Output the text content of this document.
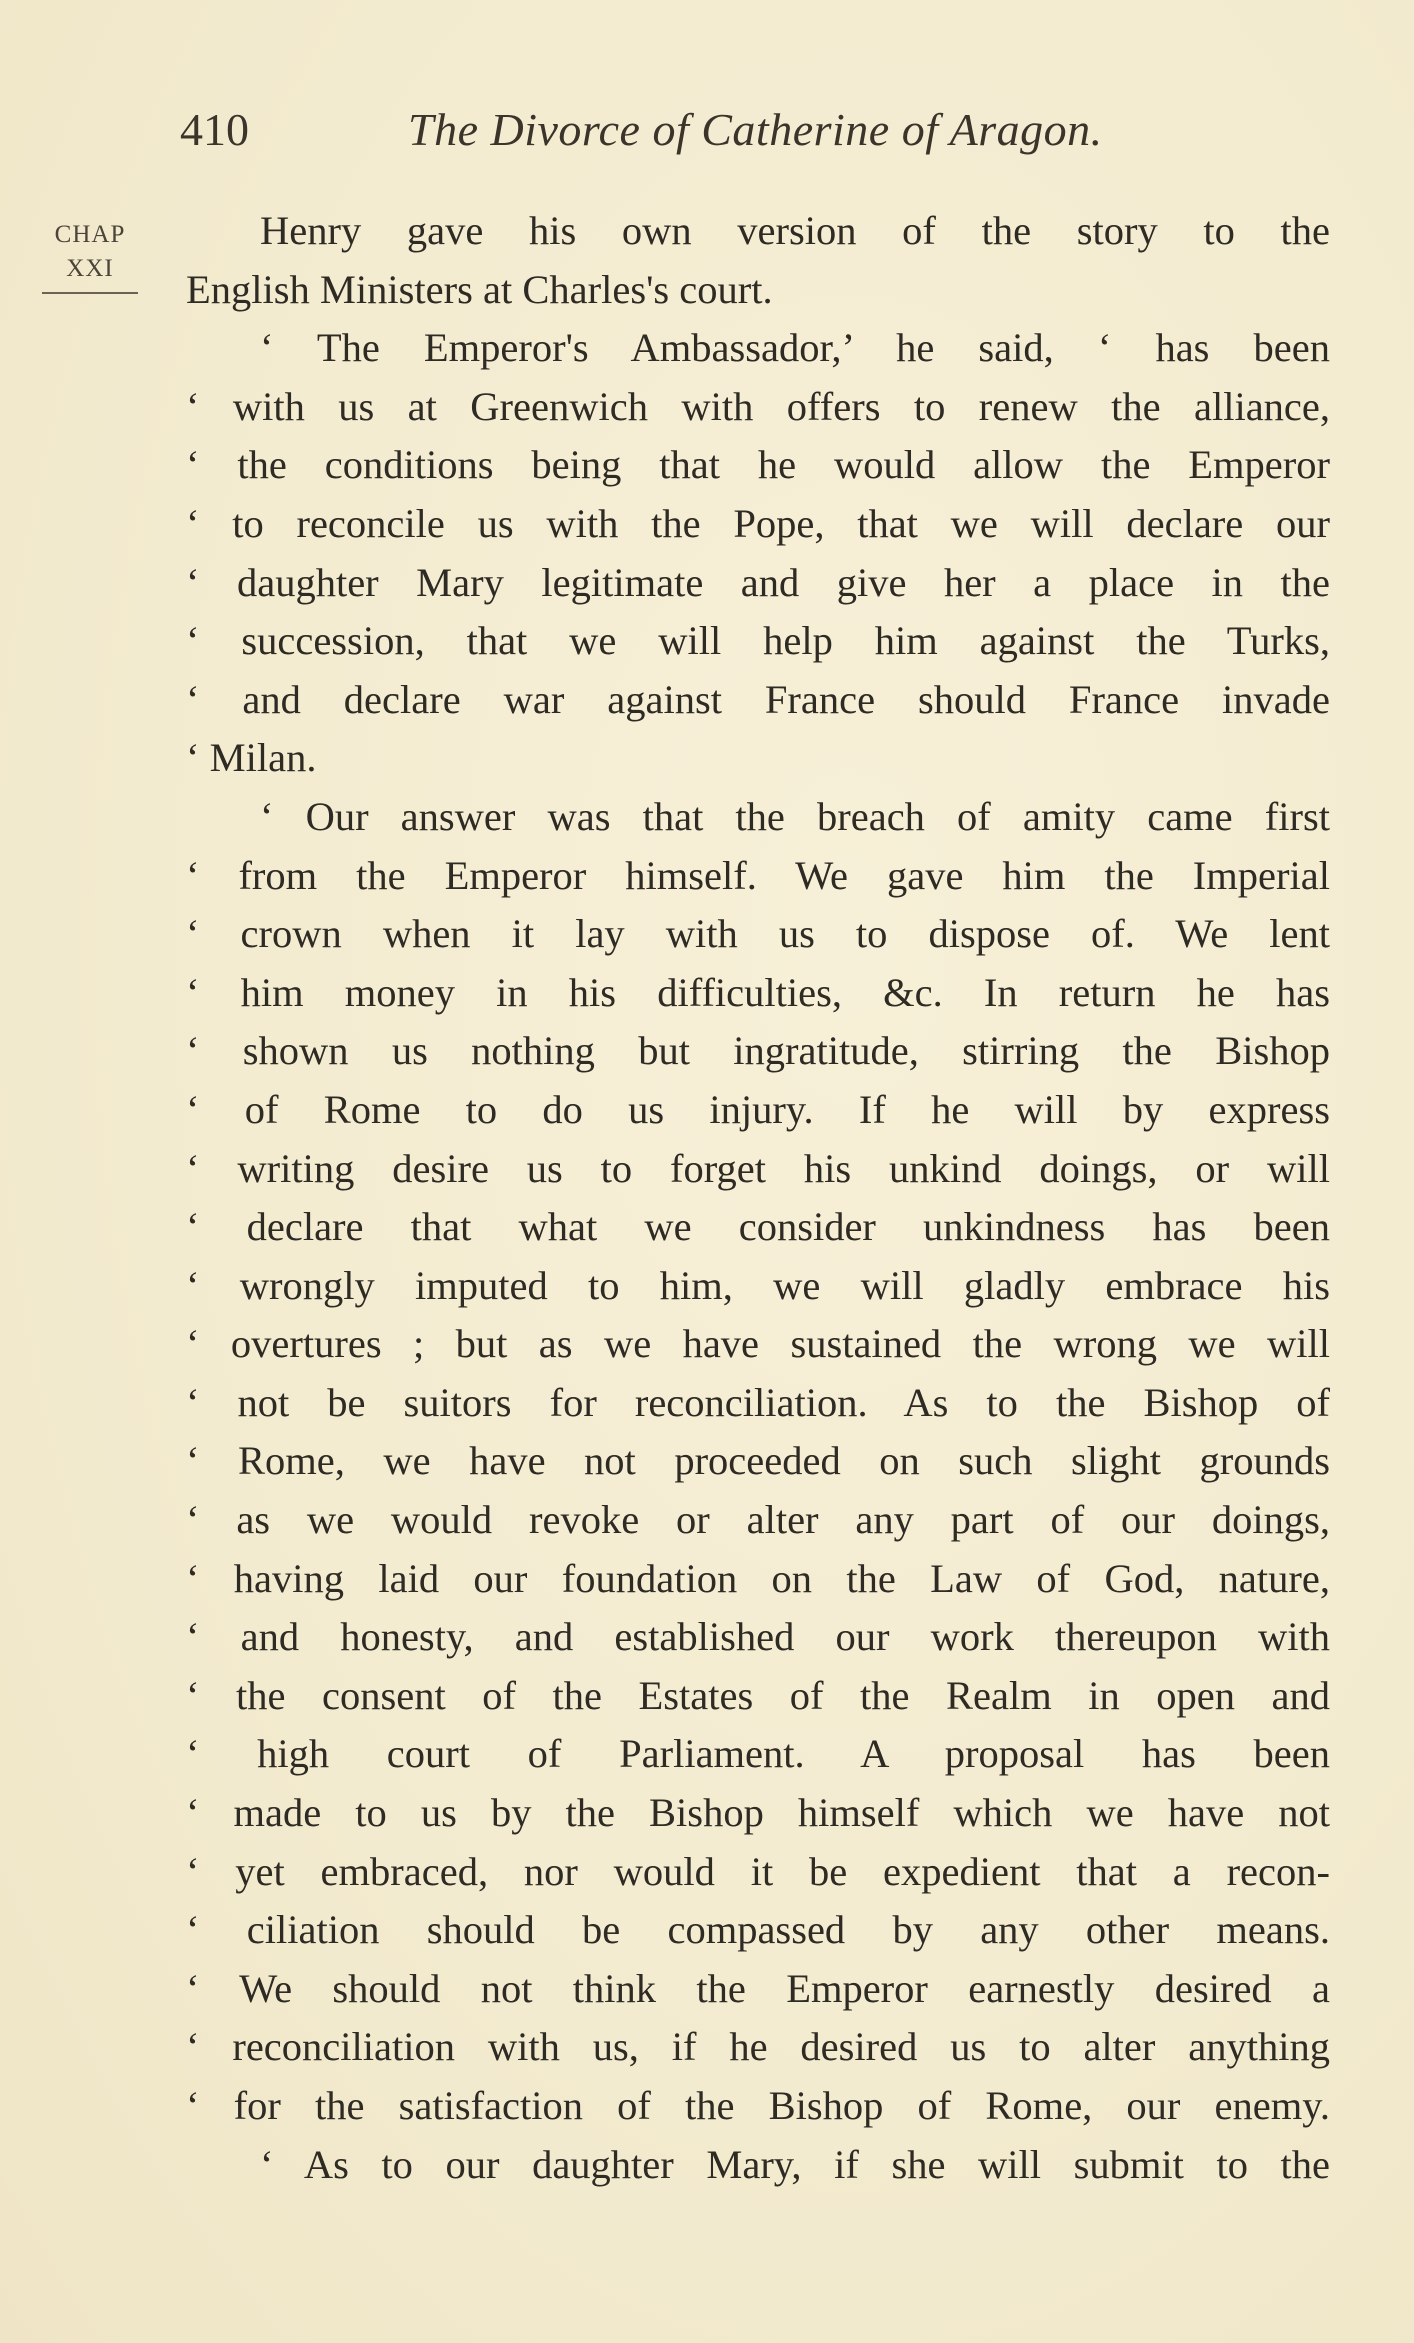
410	The Divorce of Catherine of Aragon.
CHAP
XXI
Henry gave his own version of the story to the
English Ministers at Charles's court.
‘ The Emperor's Ambassador,’ he said, ‘ has been
‘ with us at Greenwich with offers to renew the alliance,
‘ the conditions being that he would allow the Emperor
‘ to reconcile us with the Pope, that we will declare our
‘ daughter Mary legitimate and give her a place in the
‘ succession, that we will help him against the Turks,
‘ and declare war against France should France invade
‘ Milan.
‘ Our answer was that the breach of amity came first
‘ from the Emperor himself. We gave him the Imperial
‘ crown when it lay with us to dispose of. We lent
‘ him money in his difficulties, &c. In return he has
‘ shown us nothing but ingratitude, stirring the Bishop
‘ of Rome to do us injury. If he will by express
‘ writing desire us to forget his unkind doings, or will
‘ declare that what we consider unkindness has been
‘ wrongly imputed to him, we will gladly embrace his
‘ overtures ; but as we have sustained the wrong we will
‘ not be suitors for reconciliation. As to the Bishop of
‘ Rome, we have not proceeded on such slight grounds
‘ as we would revoke or alter any part of our doings,
‘ having laid our foundation on the Law of God, nature,
‘ and honesty, and established our work thereupon with
‘ the consent of the Estates of the Realm in open and
‘ high court of Parliament. A proposal has been
‘ made to us by the Bishop himself which we have not
‘ yet embraced, nor would it be expedient that a recon-
‘ ciliation should be compassed by any other means.
‘ We should not think the Emperor earnestly desired a
‘ reconciliation with us, if he desired us to alter anything
‘ for the satisfaction of the Bishop of Rome, our enemy.
‘ As to our daughter Mary, if she will submit to the
